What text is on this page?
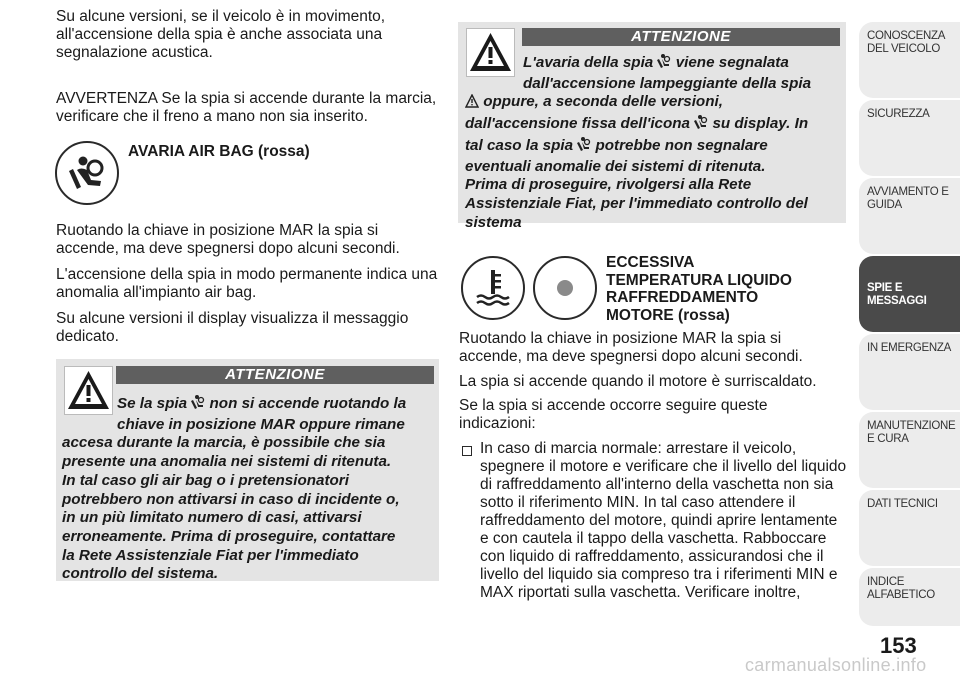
Su alcune versioni, se il veicolo è in movimento, all'accensione della spia è anche associata una segnalazione acustica.

AVVERTENZA Se la spia si accende durante la marcia, verificare che il freno a mano non sia inserito.

AVARIA AIR BAG (rossa)

Ruotando la chiave in posizione MAR la spia si accende, ma deve spegnersi dopo alcuni secondi.

L'accensione della spia in modo permanente indica una anomalia all'impianto air bag.

Su alcune versioni il display visualizza il messaggio dedicato.

ATTENZIONE
Se la spia  non si accende ruotando la
chiave in posizione MAR oppure rimane
accesa durante la marcia, è possibile che sia
presente una anomalia nei sistemi di ritenuta.
In tal caso gli air bag o i pretensionatori
potrebbero non attivarsi in caso di incidente o,
in un più limitato numero di casi, attivarsi
erroneamente. Prima di proseguire, contattare
la Rete Assistenziale Fiat per l'immediato
controllo del sistema.
ATTENZIONE
L'avaria della spia  viene segnalata
dall'accensione lampeggiante della spia
oppure, a seconda delle versioni,
dall'accensione fissa dell'icona  su display. In
tal caso la spia  potrebbe non segnalare
eventuali anomalie dei sistemi di ritenuta.
Prima di proseguire, rivolgersi alla Rete
Assistenziale Fiat, per l'immediato controllo del
sistema
ECCESSIVA
TEMPERATURA LIQUIDO
RAFFREDDAMENTO
MOTORE (rossa)

Ruotando la chiave in posizione MAR la spia si accende, ma deve spegnersi dopo alcuni secondi.

La spia si accende quando il motore è surriscaldato.

Se la spia si accende occorre seguire queste indicazioni:

In caso di marcia normale: arrestare il veicolo, spegnere il motore e verificare che il livello del liquido di raffreddamento all'interno della vaschetta non sia sotto il riferimento MIN. In tal caso attendere il raffreddamento del motore, quindi aprire lentamente e con cautela il tappo della vaschetta. Rabboccare con liquido di raffreddamento, assicurandosi che il livello del liquido sia compreso tra i riferimenti MIN e MAX riportati sulla vaschetta. Verificare inoltre,

CONOSCENZA DEL VEICOLO
SICUREZZA
AVVIAMENTO E GUIDA
SPIE E MESSAGGI
IN EMERGENZA
MANUTENZIONE E CURA
DATI TECNICI
INDICE ALFABETICO
153
carmanualsonline.info
